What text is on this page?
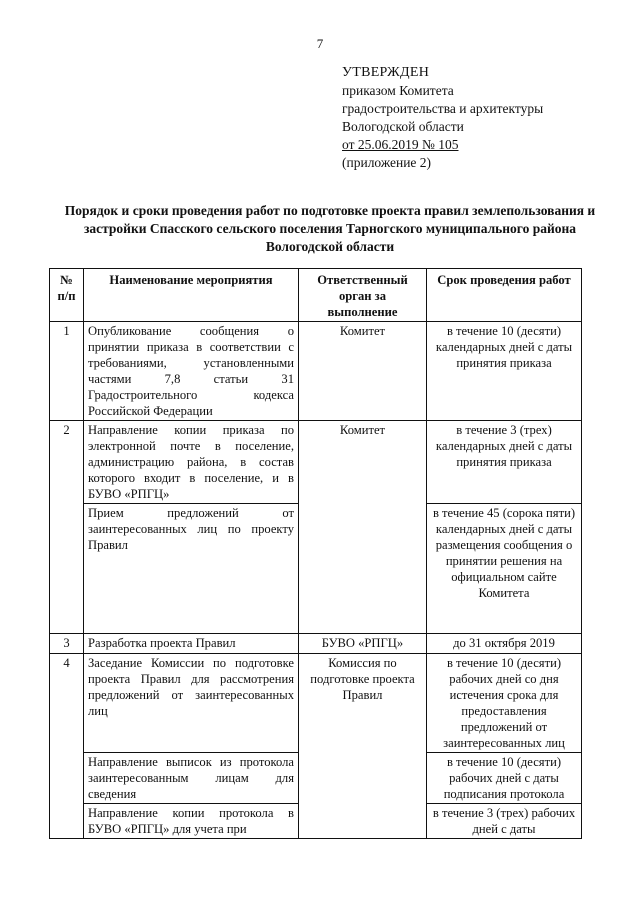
7
УТВЕРЖДЕН
приказом Комитета
градостроительства и архитектуры
Вологодской области
от 25.06.2019 № 105
(приложение 2)
Порядок и сроки проведения работ по подготовке проекта правил землепользования и застройки Спасского сельского поселения Тарногского муниципального района Вологодской области
№ п/п	Наименование мероприятия	Ответственный орган за выполнение	Срок проведения работ
1	Опубликование сообщения о принятии приказа в соответствии с требованиями, установленными частями 7,8 статьи 31 Градостроительного кодекса Российской Федерации	Комитет	в течение 10 (десяти) календарных дней с даты принятия приказа
2	Направление копии приказа по электронной почте в поселение, администрацию района, в состав которого входит в поселение, и в БУВО «РПГЦ»	Комитет	в течение 3 (трех) календарных дней с даты принятия приказа
	Прием предложений от заинтересованных лиц по проекту Правил		в течение 45 (сорока пяти) календарных дней с даты размещения сообщения о принятии решения на официальном сайте Комитета
3	Разработка проекта Правил	БУВО «РПГЦ»	до 31 октября 2019
4	Заседание Комиссии по подготовке проекта Правил для рассмотрения предложений от заинтересованных лиц	Комиссия по подготовке проекта Правил	в течение 10 (десяти) рабочих дней со дня истечения срока для предоставления предложений от заинтересованных лиц
	Направление выписок из протокола заинтересованным лицам для сведения		в течение 10 (десяти) рабочих дней с даты подписания протокола
	Направление копии протокола в БУВО «РПГЦ» для учета при		в течение 3 (трех) рабочих дней с даты
